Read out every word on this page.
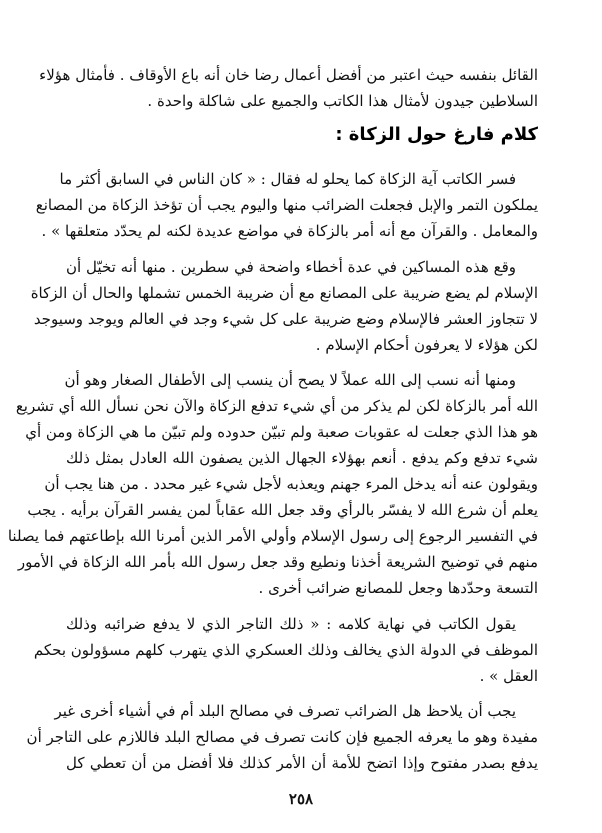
كلام فارغ حول الزكاة :
٢٥٨
القائل بنفسه حيث اعتبر من أفضل أعمال رضا خان أنه باع الأوقاف . فأمثال هؤلاء
السلاطين جيدون لأمثال هذا الكاتب والجميع على شاكلة واحدة .
فسر الكاتب آية الزكاة كما يحلو له فقال : « كان الناس في السابق أكثر ما
يملكون التمر والإبل فجعلت الضرائب منها واليوم يجب أن تؤخذ الزكاة من المصانع
والمعامل . والقرآن مع أنه أمر بالزكاة في مواضع عديدة لكنه لم يحدّد متعلقها » .
وقع هذه المساكين في عدة أخطاء واضحة في سطرين . منها أنه تخيّل أن
الإسلام لم يضع ضريبة على المصانع مع أن ضريبة الخمس تشملها والحال أن الزكاة
لا تتجاوز العشر فالإسلام وضع ضريبة على كل شيء وجد في العالم ويوجد وسيوجد
لكن هؤلاء لا يعرفون أحكام الإسلام .
ومنها أنه نسب إلى الله عملاً لا يصح أن ينسب إلى الأطفال الصغار وهو أن
الله أمر بالزكاة لكن لم يذكر من أي شيء تدفع الزكاة والآن نحن نسأل الله أي تشريع
هو هذا الذي جعلت له عقوبات صعبة ولم تبيّن حدوده ولم تبيّن ما هي الزكاة ومن أي
شيء تدفع وكم يدفع . أنعم بهؤلاء الجهال الذين يصفون الله العادل بمثل ذلك
ويقولون عنه أنه يدخل المرء جهنم ويعذبه لأجل شيء غير محدد . من هنا يجب أن
يعلم أن شرع الله لا يفسّر بالرأي وقد جعل الله عقاباً لمن يفسر القرآن برأيه . يجب
في التفسير الرجوع إلى رسول الإسلام وأولي الأمر الذين أمرنا الله بإطاعتهم فما يصلنا
منهم في توضيح الشريعة أخذنا ونطيع وقد جعل رسول الله بأمر الله الزكاة في الأمور
التسعة وحدّدها وجعل للمصانع ضرائب أخرى .
يقول الكاتب في نهاية كلامه : « ذلك التاجر الذي لا يدفع ضرائبه وذلك
الموظف في الدولة الذي يخالف وذلك العسكري الذي يتهرب كلهم مسؤولون بحكم
العقل » .
يجب أن يلاحظ هل الضرائب تصرف في مصالح البلد أم في أشياء أخرى غير
مفيدة وهو ما يعرفه الجميع فإن كانت تصرف في مصالح البلد فاللازم على التاجر أن
يدفع بصدر مفتوح وإذا اتضح للأمة أن الأمر كذلك فلا أفضل من أن تعطي كل
